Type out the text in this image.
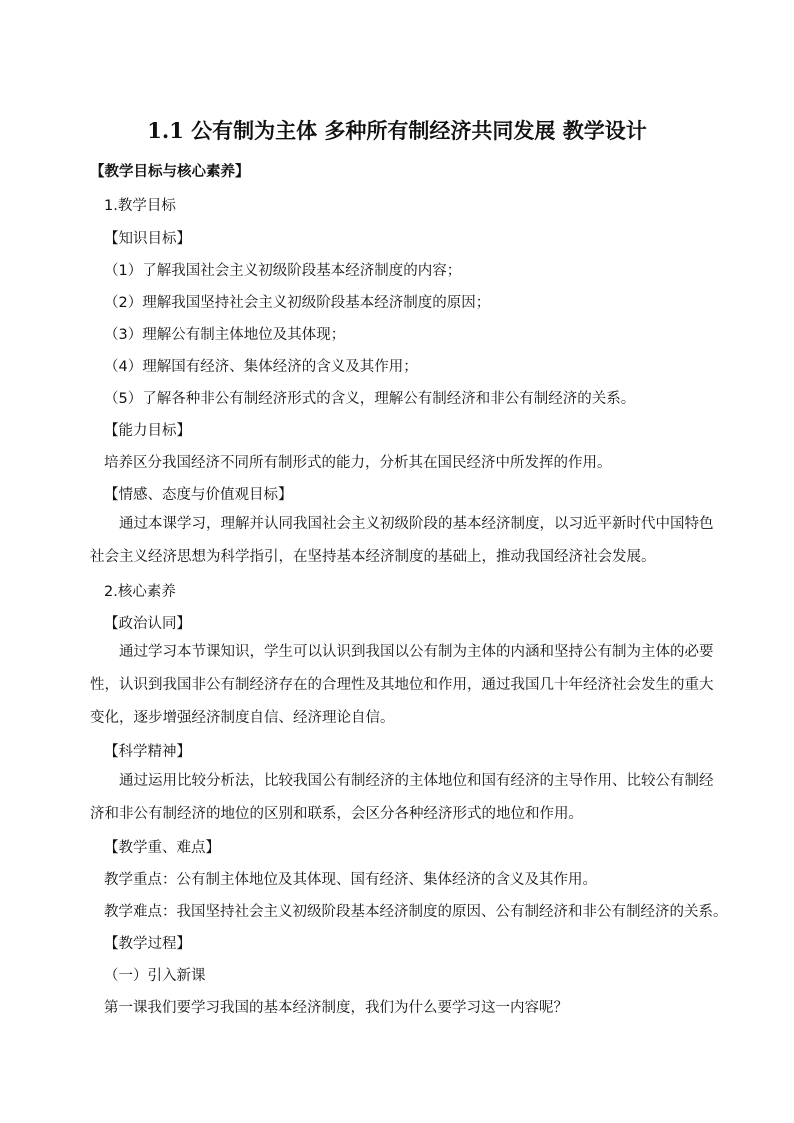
1.1 公有制为主体 多种所有制经济共同发展 教学设计
【教学目标与核心素养】
1.教学目标
【知识目标】
（1）了解我国社会主义初级阶段基本经济制度的内容；
（2）理解我国坚持社会主义初级阶段基本经济制度的原因；
（3）理解公有制主体地位及其体现；
（4）理解国有经济、集体经济的含义及其作用；
（5）了解各种非公有制经济形式的含义，理解公有制经济和非公有制经济的关系。
【能力目标】
培养区分我国经济不同所有制形式的能力，分析其在国民经济中所发挥的作用。
【情感、态度与价值观目标】
通过本课学习，理解并认同我国社会主义初级阶段的基本经济制度，以习近平新时代中国特色社会主义经济思想为科学指引，在坚持基本经济制度的基础上，推动我国经济社会发展。
2.核心素养
【政治认同】
通过学习本节课知识，学生可以认识到我国以公有制为主体的内涵和坚持公有制为主体的必要性，认识到我国非公有制经济存在的合理性及其地位和作用，通过我国几十年经济社会发生的重大变化，逐步增强经济制度自信、经济理论自信。
【科学精神】
通过运用比较分析法，比较我国公有制经济的主体地位和国有经济的主导作用、比较公有制经济和非公有制经济的地位的区别和联系，会区分各种经济形式的地位和作用。
【教学重、难点】
教学重点：公有制主体地位及其体现、国有经济、集体经济的含义及其作用。
教学难点：我国坚持社会主义初级阶段基本经济制度的原因、公有制经济和非公有制经济的关系。
【教学过程】
（一）引入新课
第一课我们要学习我国的基本经济制度，我们为什么要学习这一内容呢？
